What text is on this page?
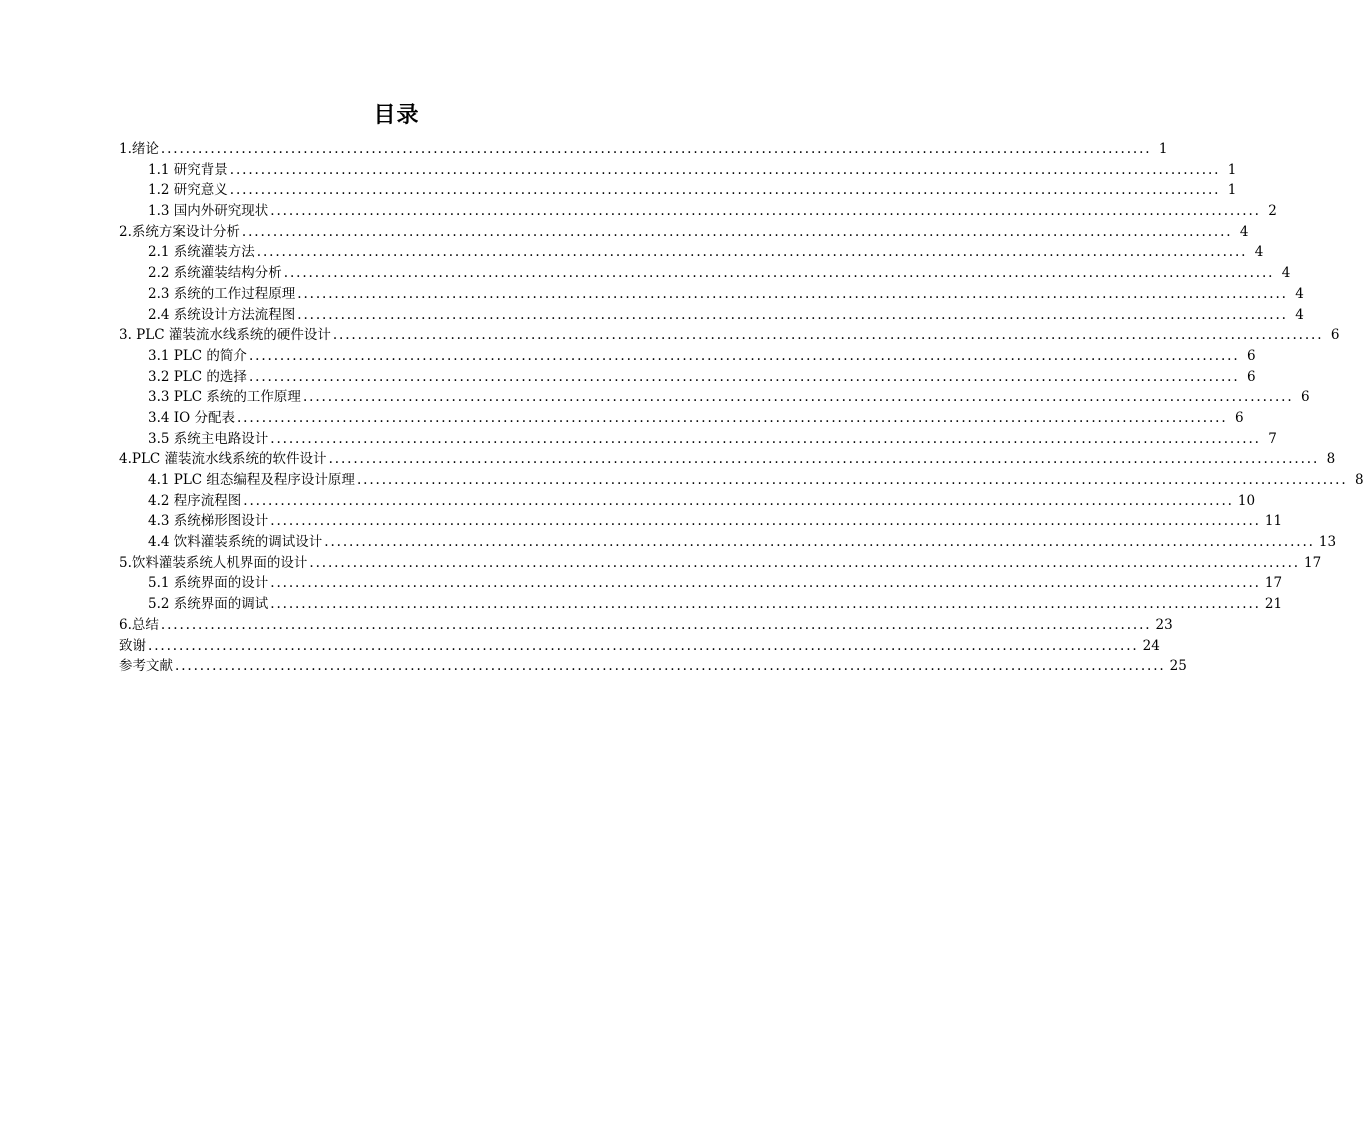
目录
1.绪论 ................................................................................................................................................................ 1
1.1 研究背景 ................................................................................................................................................................ 1
1.2 研究意义 ................................................................................................................................................................ 1
1.3 国内外研究现状 ................................................................................................................................................................ 2
2.系统方案设计分析 ................................................................................................................................................................ 4
2.1 系统灌装方法 ................................................................................................................................................................ 4
2.2 系统灌装结构分析 ................................................................................................................................................................ 4
2.3 系统的工作过程原理 ................................................................................................................................................................ 4
2.4 系统设计方法流程图 ................................................................................................................................................................ 4
3. PLC 灌装流水线系统的硬件设计 ................................................................................................................................................................ 6
3.1 PLC 的简介 ................................................................................................................................................................ 6
3.2 PLC 的选择 ................................................................................................................................................................ 6
3.3 PLC 系统的工作原理 ................................................................................................................................................................ 6
3.4 IO 分配表 ................................................................................................................................................................ 6
3.5 系统主电路设计 ................................................................................................................................................................ 7
4.PLC 灌装流水线系统的软件设计 ................................................................................................................................................................ 8
4.1 PLC 组态编程及程序设计原理 ................................................................................................................................................................ 8
4.2 程序流程图 ................................................................................................................................................................ 10
4.3 系统梯形图设计 ................................................................................................................................................................ 11
4.4 饮料灌装系统的调试设计 ................................................................................................................................................................ 13
5.饮料灌装系统人机界面的设计 ................................................................................................................................................................ 17
5.1 系统界面的设计 ................................................................................................................................................................ 17
5.2 系统界面的调试 ................................................................................................................................................................ 21
6.总结 ................................................................................................................................................................ 23
致谢 ................................................................................................................................................................ 24
参考文献 ................................................................................................................................................................ 25
